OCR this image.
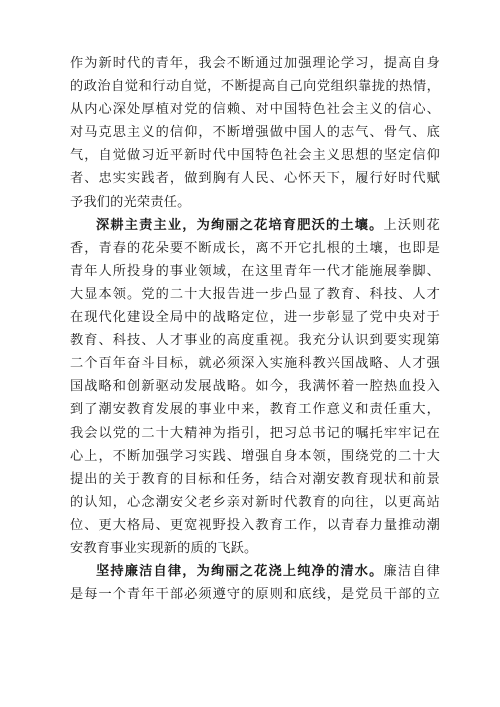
作为新时代的青年，我会不断通过加强理论学习，提高自身
的政治自觉和行动自觉，不断提高自己向党组织靠拢的热情，
从内心深处厚植对党的信赖、对中国特色社会主义的信心、
对马克思主义的信仰，不断增强做中国人的志气、骨气、底
气，自觉做习近平新时代中国特色社会主义思想的坚定信仰
者、忠实实践者，做到胸有人民、心怀天下，履行好时代赋
予我们的光荣责任。
深耕主责主业，为绚丽之花培育肥沃的土壤。上沃则花
香，青春的花朵要不断成长，离不开它扎根的土壤，也即是
青年人所投身的事业领域，在这里青年一代才能施展拳脚、
大显本领。党的二十大报告进一步凸显了教育、科技、人才
在现代化建设全局中的战略定位，进一步彰显了党中央对于
教育、科技、人才事业的高度重视。我充分认识到要实现第
二个百年奋斗目标，就必须深入实施科教兴国战略、人才强
国战略和创新驱动发展战略。如今，我满怀着一腔热血投入
到了潮安教育发展的事业中来，教育工作意义和责任重大，
我会以党的二十大精神为指引，把习总书记的嘱托牢牢记在
心上，不断加强学习实践、增强自身本领，围绕党的二十大
提出的关于教育的目标和任务，结合对潮安教育现状和前景
的认知，心念潮安父老乡亲对新时代教育的向往，以更高站
位、更大格局、更宽视野投入教育工作，以青春力量推动潮
安教育事业实现新的质的飞跃。
坚持廉洁自律，为绚丽之花浇上纯净的清水。廉洁自律
是每一个青年干部必须遵守的原则和底线，是党员干部的立
